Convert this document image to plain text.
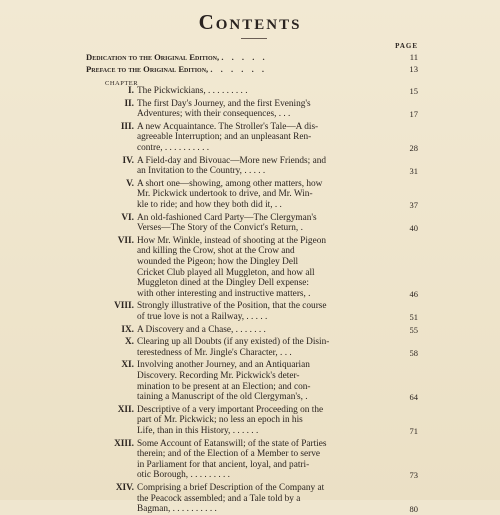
Contents
PAGE
Dedication to the Original Edition, . . . . .	11
Preface to the Original Edition, . . . . . .	13
CHAPTER
I. The Pickwickians, . . . . . . . . .	15
II. The first Day's Journey, and the first Evening's
Adventures; with their consequences, . . .	17
III. A new Acquaintance. The Stroller's Tale—A dis-
agreeable Interruption; and an unpleasant Ren-
contre, . . . . . . . . . .	28
IV. A Field-day and Bivouac—More new Friends; and
an Invitation to the Country, . . . . .	31
V. A short one—showing, among other matters, how
Mr. Pickwick undertook to drive, and Mr. Win-
kle to ride; and how they both did it, . .	37
VI. An old-fashioned Card Party—The Clergyman's
Verses—The Story of the Convict's Return, .	40
VII. How Mr. Winkle, instead of shooting at the Pigeon
and killing the Crow, shot at the Crow and
wounded the Pigeon; how the Dingley Dell
Cricket Club played all Muggleton, and how all
Muggleton dined at the Dingley Dell expense:
with other interesting and instructive matters, .	46
VIII. Strongly illustrative of the Position, that the course
of true love is not a Railway, . . . . .	51
IX. A Discovery and a Chase, . . . . . . .	55
X. Clearing up all Doubts (if any existed) of the Disin-
terestedness of Mr. Jingle's Character, . . .	58
XI. Involving another Journey, and an Antiquarian
Discovery. Recording Mr. Pickwick's deter-
mination to be present at an Election; and con-
taining a Manuscript of the old Clergyman's, .	64
XII. Descriptive of a very important Proceeding on the
part of Mr. Pickwick; no less an epoch in his
Life, than in this History, . . . . . .	71
XIII. Some Account of Eatanswill; of the state of Parties
therein; and of the Election of a Member to serve
in Parliament for that ancient, loyal, and patri-
otic Borough, . . . . . . . . .	73
XIV. Comprising a brief Description of the Company at
the Peacock assembled; and a Tale told by a
Bagman, . . . . . . . . . .	80
